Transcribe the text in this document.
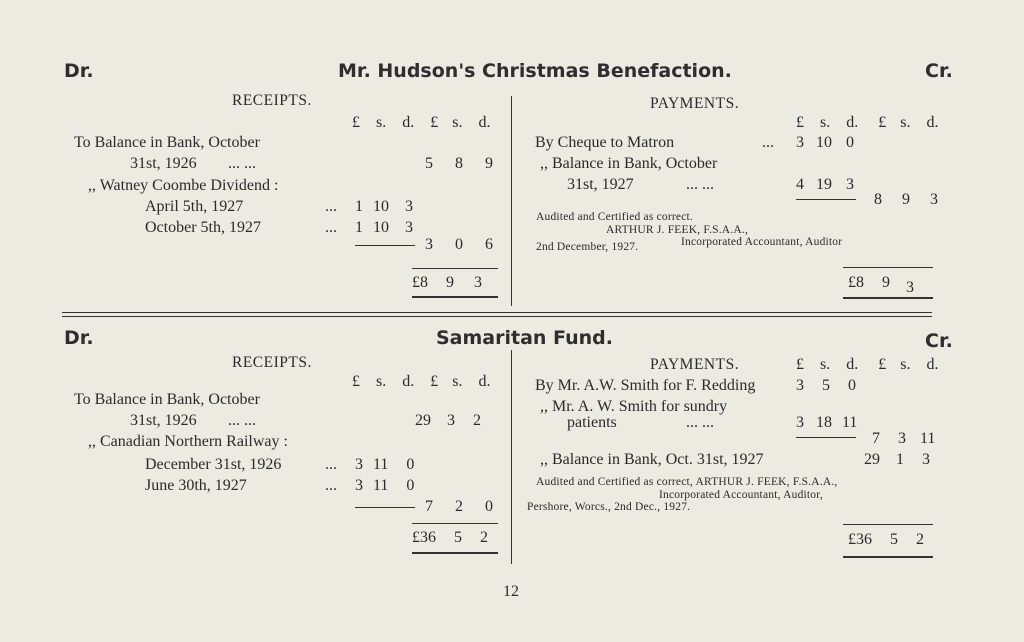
Dr.	Mr. Hudson's Christmas Benefaction.	Cr.
RECEIPTS.
£ s. d. £ s. d.
To Balance in Bank, October
31st, 1926 ... ...	5 8 9
,, Watney Coombe Dividend :
April 5th, 1927	... 1 10 3
October 5th, 1927	... 1 10 3
3 0 6
£8 9 3
PAYMENTS.
£ s. d. £ s. d.
By Cheque to Matron	... 3 10 0
,, Balance in Bank, October
31st, 1927	... ...	4 19 3
8 9 3
Audited and Certified as correct.
ARTHUR J. FEEK, F.S.A.A.,
2nd December, 1927.	Incorporated Accountant, Auditor
£8 9 3
Dr.	Samaritan Fund.	Cr.
RECEIPTS.
£ s. d. £ s. d.
To Balance in Bank, October
31st, 1926 ... ...	29 3 2
,, Canadian Northern Railway :
December 31st, 1926	... 3 11 0
June 30th, 1927	... 3 11 0
7 2 0
£36 5 2
PAYMENTS.	£ s. d. £ s. d.
By Mr. A.W. Smith for F. Redding	3 5 0
,, Mr. A. W. Smith for sundry
patients	... ...	3 18 11
7 3 11
,, Balance in Bank, Oct. 31st, 1927	29 1 3
Audited and Certified as correct, ARTHUR J. FEEK, F.S.A.A.,
Incorporated Accountant, Auditor,
Pershore, Worcs., 2nd Dec., 1927.
£36 5 2
12
